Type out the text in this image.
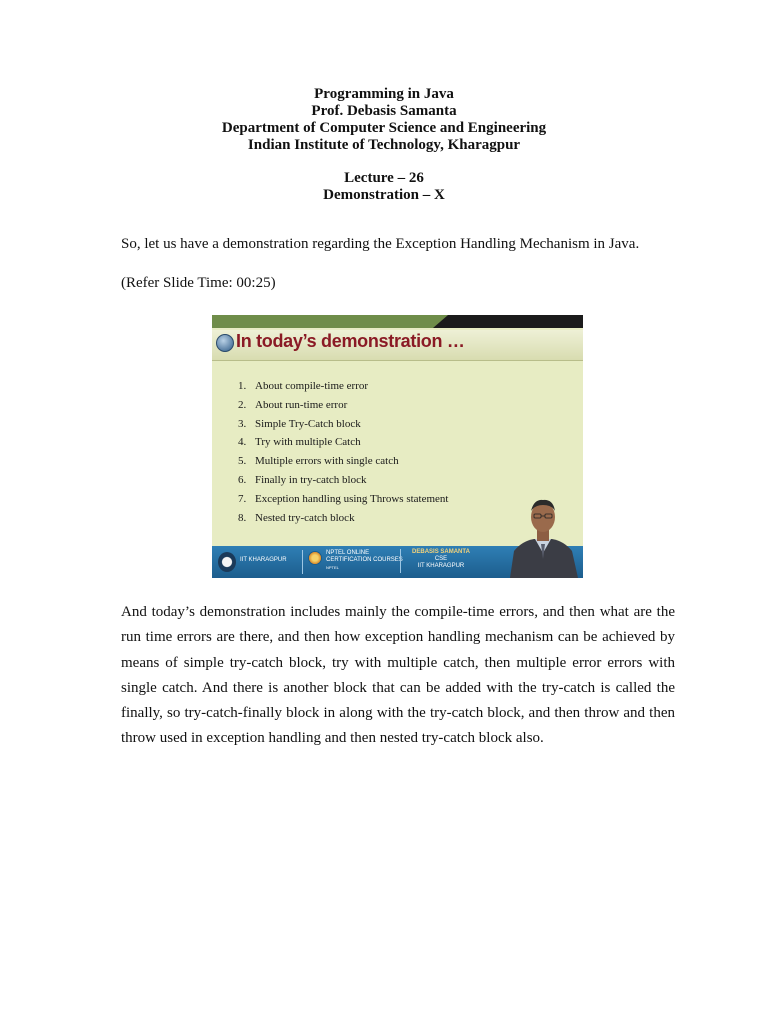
Programming in Java
Prof. Debasis Samanta
Department of Computer Science and Engineering
Indian Institute of Technology, Kharagpur
Lecture – 26
Demonstration – X

So, let us have a demonstration regarding the Exception Handling Mechanism in Java.

(Refer Slide Time: 00:25)

In today’s demonstration …
1. About compile-time error
2. About run-time error
3. Simple Try-Catch block
4. Try with multiple Catch
5. Multiple errors with single catch
6. Finally in try-catch block
7. Exception handling using Throws statement
8. Nested try-catch block
IIT KHARAGPUR
NPTEL ONLINE
CERTIFICATION COURSES
NPTEL
DEBASIS SAMANTA
CSE
IIT KHARAGPUR

And today’s demonstration includes mainly the compile-time errors, and then what are the run time errors are there, and then how exception handling mechanism can be achieved by means of simple try-catch block, try with multiple catch, then multiple error errors with single catch. And there is another block that can be added with the try-catch is called the finally, so try-catch-finally block in along with the try-catch block, and then throw and then throw used in exception handling and then nested try-catch block also.
